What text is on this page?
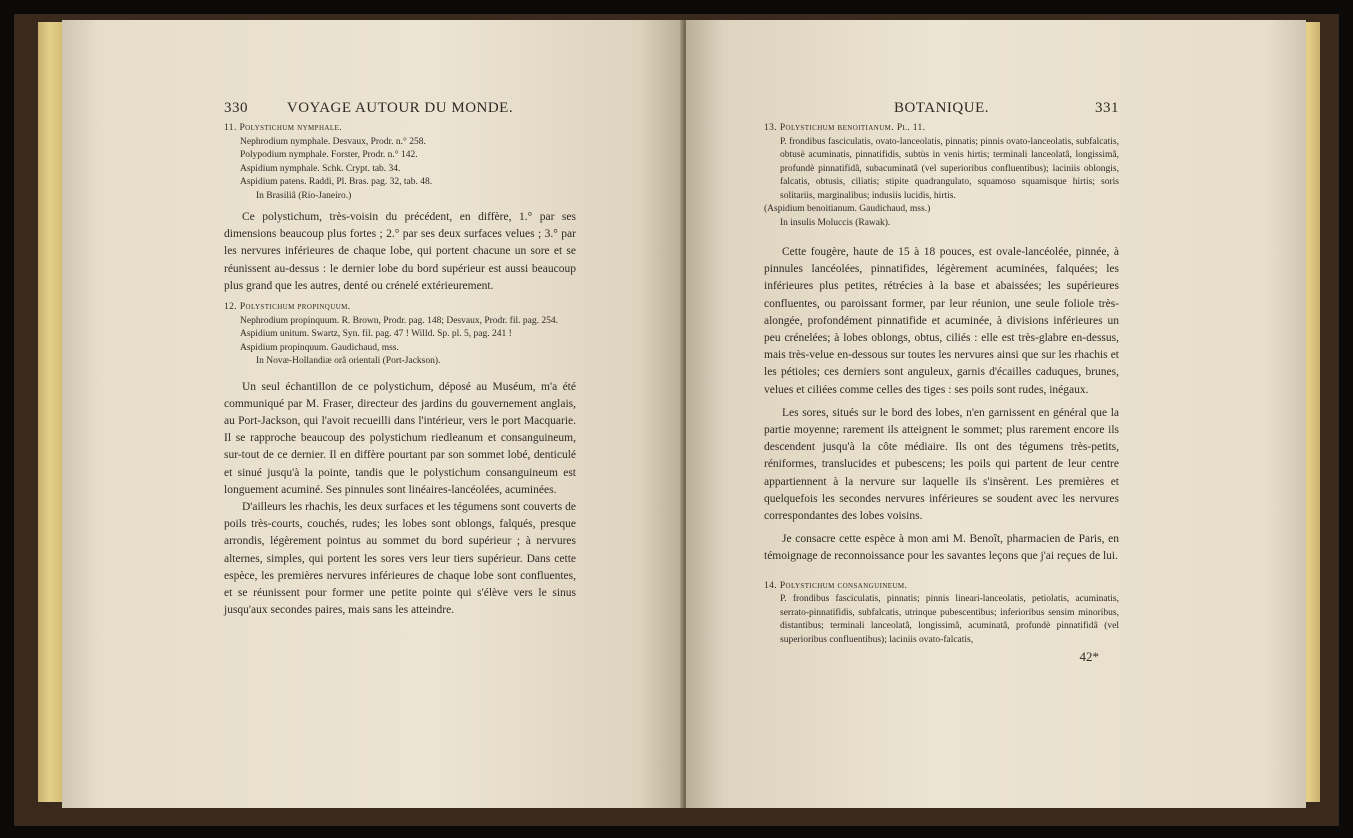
330	VOYAGE AUTOUR DU MONDE.
11. Polystichum nymphale.
Nephrodium nymphale. Desvaux, Prodr. n.° 258.
Polypodium nymphale. Forster, Prodr. n.° 142.
Aspidium nymphale. Schk. Crypt. tab. 34.
Aspidium patens. Raddi, Pl. Bras. pag. 32, tab. 48.
In Brasiliâ (Rio-Janeiro.)

Ce polystichum, très-voisin du précédent, en diffère, 1.° par ses dimensions beaucoup plus fortes ; 2.° par ses deux surfaces velues ; 3.° par les nervures inférieures de chaque lobe, qui portent chacune un sore et se réunissent au-dessus : le dernier lobe du bord supérieur est aussi beaucoup plus grand que les autres, denté ou crénelé extérieurement.

12. Polystichum propinquum.
Nephrodium propinquum. R. Brown, Prodr. pag. 148; Desvaux, Prodr. fil. pag. 254.
Aspidium unitum. Swartz, Syn. fil. pag. 47 ! Willd. Sp. pl. 5, pag. 241 !
Aspidium propinquum. Gaudichaud, mss.
In Novæ-Hollandiæ orâ orientali (Port-Jackson).

Un seul échantillon de ce polystichum, déposé au Muséum, m'a été communiqué par M. Fraser, directeur des jardins du gouvernement anglais, au Port-Jackson, qui l'avoit recueilli dans l'intérieur, vers le port Macquarie. Il se rapproche beaucoup des polystichum riedleanum et consanguineum, sur-tout de ce dernier. Il en diffère pourtant par son sommet lobé, denticulé et sinué jusqu'à la pointe, tandis que le polystichum consanguineum est longuement acuminé. Ses pinnules sont linéaires-lancéolées, acuminées.

D'ailleurs les rhachis, les deux surfaces et les tégumens sont couverts de poils très-courts, couchés, rudes; les lobes sont oblongs, falqués, presque arrondis, légèrement pointus au sommet du bord supérieur ; à nervures alternes, simples, qui portent les sores vers leur tiers supérieur. Dans cette espèce, les premières nervures inférieures de chaque lobe sont confluentes, et se réunissent pour former une petite pointe qui s'élève vers le sinus jusqu'aux secondes paires, mais sans les atteindre.

BOTANIQUE.	331
13. Polystichum benoitianum. Pl. 11.

P. frondibus fasciculatis, ovato-lanceolatis, pinnatis; pinnis ovato-lanceolatis, subfalcatis, obtusè acuminatis, pinnatifidis, subtùs in venis hirtis; terminali lanceolatâ, longissimâ, profundè pinnatifidâ, subacuminatâ (vel superioribus confluentibus); laciniis oblongis, falcatis, obtusis, ciliatis; stipite quadrangulato, squamoso squamisque hirtis; soris solitariis, marginalibus; indusiis lucidis, hirtis.

(Aspidium benoitianum. Gaudichaud, mss.)
In insulis Moluccis (Rawak).

Cette fougère, haute de 15 à 18 pouces, est ovale-lancéolée, pinnée, à pinnules lancéolées, pinnatifides, légèrement acuminées, falquées; les inférieures plus petites, rétrécies à la base et abaissées; les supérieures confluentes, ou paroissant former, par leur réunion, une seule foliole très-alongée, profondément pinnatifide et acuminée, à divisions inférieures un peu crénelées; à lobes oblongs, obtus, ciliés : elle est très-glabre en-dessus, mais très-velue en-dessous sur toutes les nervures ainsi que sur les rhachis et les pétioles; ces derniers sont anguleux, garnis d'écailles caduques, brunes, velues et ciliées comme celles des tiges : ses poils sont rudes, inégaux.

Les sores, situés sur le bord des lobes, n'en garnissent en général que la partie moyenne; rarement ils atteignent le sommet; plus rarement encore ils descendent jusqu'à la côte médiaire. Ils ont des tégumens très-petits, réniformes, translucides et pubescens; les poils qui partent de leur centre appartiennent à la nervure sur laquelle ils s'insèrent. Les premières et quelquefois les secondes nervures inférieures se soudent avec les nervures correspondantes des lobes voisins.

Je consacre cette espèce à mon ami M. Benoît, pharmacien de Paris, en témoignage de reconnoissance pour les savantes leçons que j'ai reçues de lui.

14. Polystichum consanguineum.

P. frondibus fasciculatis, pinnatis; pinnis lineari-lanceolatis, petiolatis, acuminatis, serrato-pinnatifidis, subfalcatis, utrinque pubescentibus; inferioribus sensim minoribus, distantibus; terminali lanceolatâ, longissimâ, acuminatâ, profundè pinnatifidâ (vel superioribus confluentibus); laciniis ovato-falcatis,

42*
